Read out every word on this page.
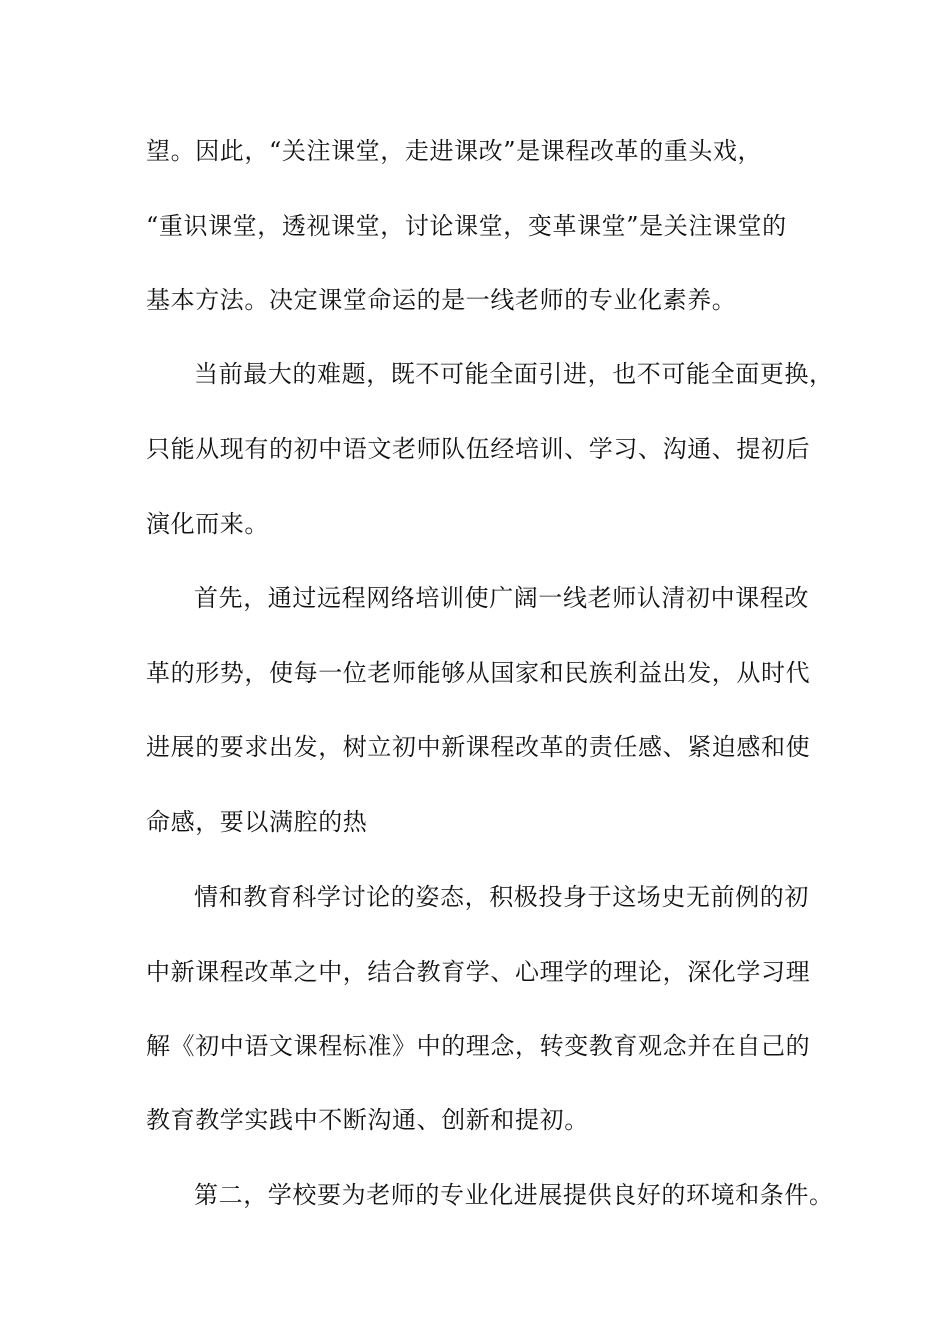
望。因此，“关注课堂，走进课改”是课程改革的重头戏，
“重识课堂，透视课堂，讨论课堂，变革课堂”是关注课堂的
基本方法。决定课堂命运的是一线老师的专业化素养。
当前最大的难题，既不可能全面引进，也不可能全面更换，
只能从现有的初中语文老师队伍经培训、学习、沟通、提初后
演化而来。
首先，通过远程网络培训使广阔一线老师认清初中课程改
革的形势，使每一位老师能够从国家和民族利益出发，从时代
进展的要求出发，树立初中新课程改革的责任感、紧迫感和使
命感，要以满腔的热
情和教育科学讨论的姿态，积极投身于这场史无前例的初
中新课程改革之中，结合教育学、心理学的理论，深化学习理
解《初中语文课程标准》中的理念，转变教育观念并在自己的
教育教学实践中不断沟通、创新和提初。
第二，学校要为老师的专业化进展提供良好的环境和条件。
